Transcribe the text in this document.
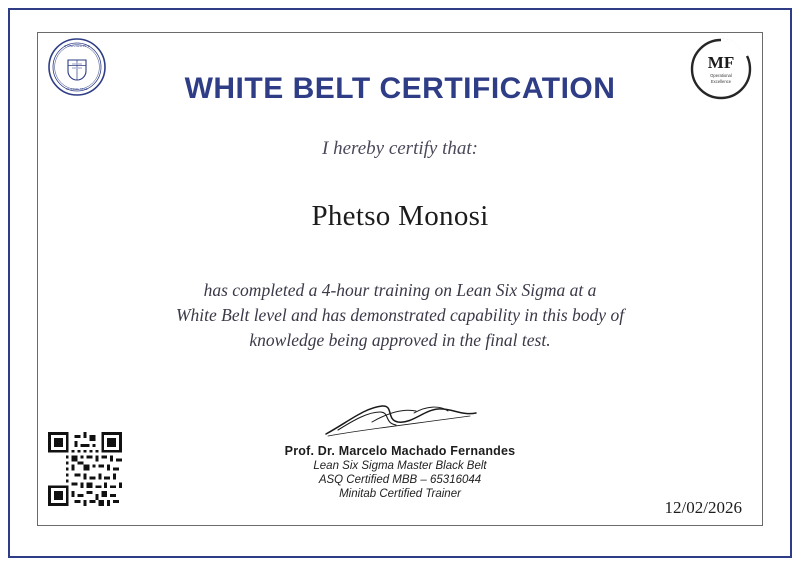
★ UNIVERSITY ★
CLASSIC SEAL
MF
Operational
Excellence
WHITE BELT CERTIFICATION
I hereby certify that:
Phetso Monosi
has completed a 4-hour training on Lean Six Sigma at a
White Belt level and has demonstrated capability in this body of
knowledge being approved in the final test.
Prof. Dr. Marcelo Machado Fernandes
Lean Six Sigma Master Black Belt
ASQ Certified MBB – 65316044
Minitab Certified Trainer
12/02/2026
